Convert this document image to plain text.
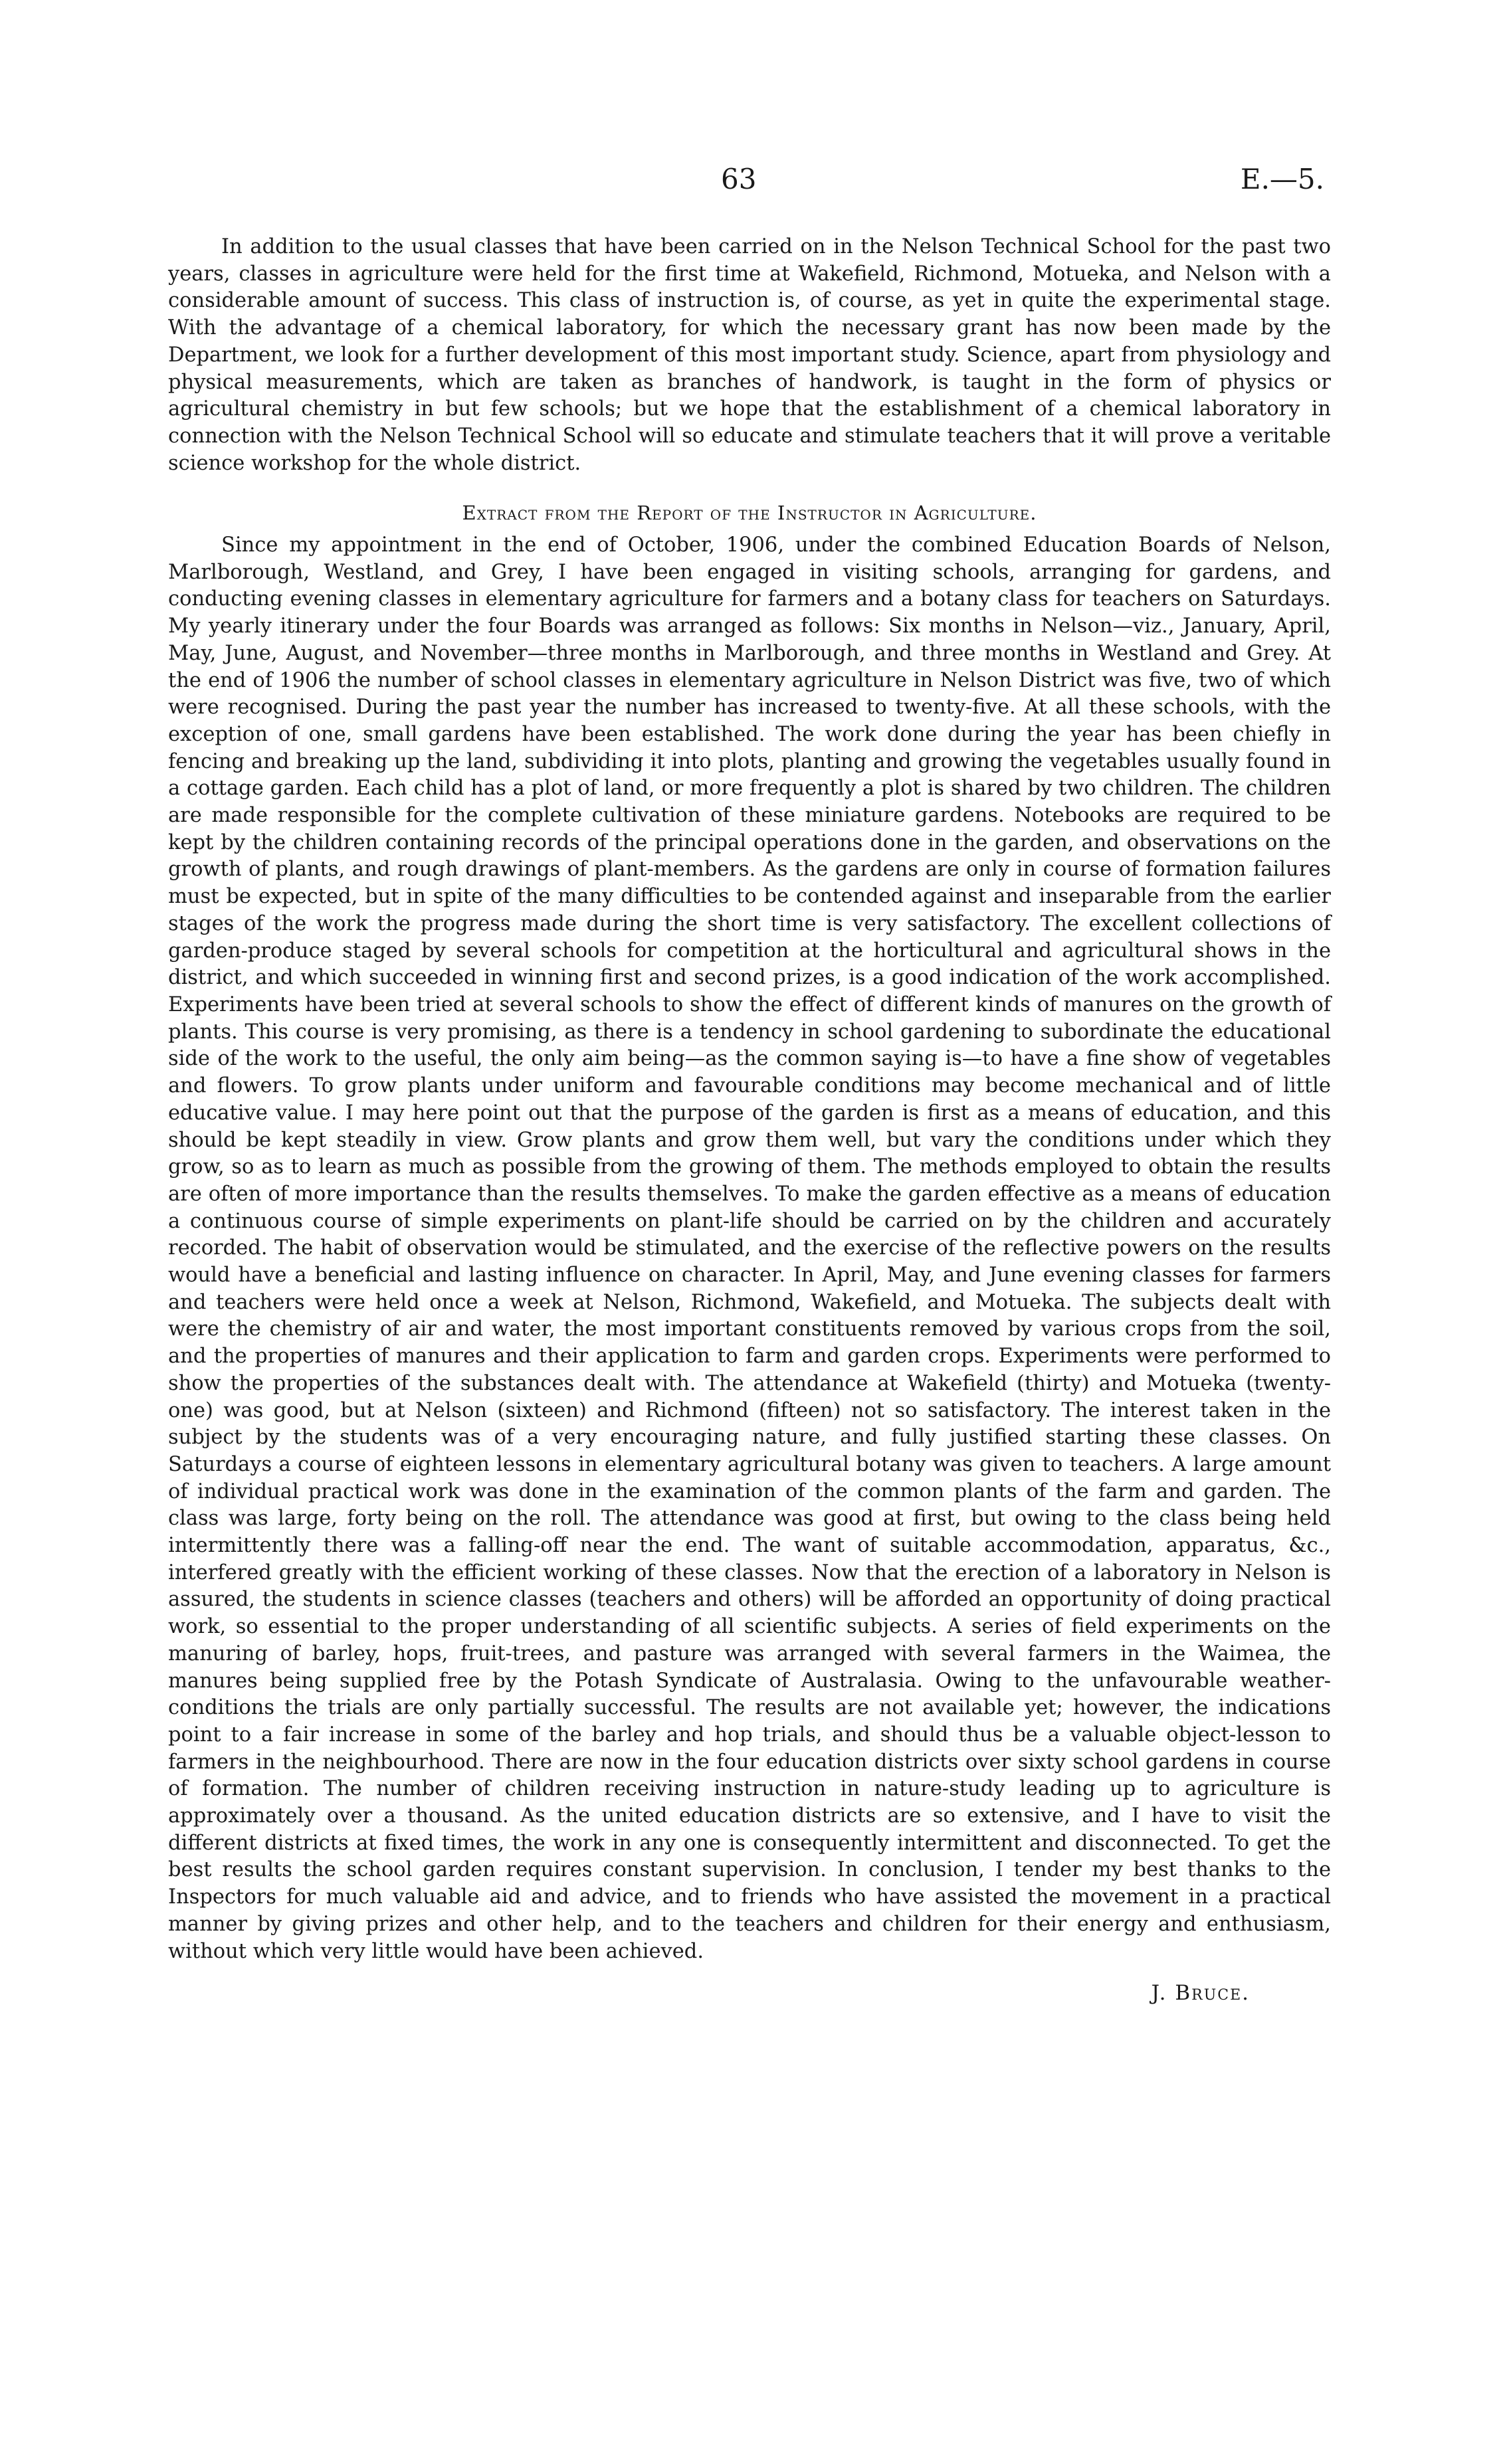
63	E.—5.

In addition to the usual classes that have been carried on in the Nelson Technical School for the past two years, classes in agriculture were held for the first time at Wakefield, Richmond, Motueka, and Nelson with a considerable amount of success. This class of instruction is, of course, as yet in quite the experimental stage. With the advantage of a chemical laboratory, for which the necessary grant has now been made by the Department, we look for a further development of this most important study. Science, apart from physiology and physical measurements, which are taken as branches of handwork, is taught in the form of physics or agricultural chemistry in but few schools; but we hope that the establishment of a chemical laboratory in connection with the Nelson Technical School will so educate and stimulate teachers that it will prove a veritable science workshop for the whole district.

Extract from the Report of the Instructor in Agriculture.

Since my appointment in the end of October, 1906, under the combined Education Boards of Nelson, Marlborough, Westland, and Grey, I have been engaged in visiting schools, arranging for gardens, and conducting evening classes in elementary agriculture for farmers and a botany class for teachers on Saturdays. My yearly itinerary under the four Boards was arranged as follows: Six months in Nelson—viz., January, April, May, June, August, and November—three months in Marlborough, and three months in Westland and Grey. At the end of 1906 the number of school classes in elementary agriculture in Nelson District was five, two of which were recognised. During the past year the number has increased to twenty-five. At all these schools, with the exception of one, small gardens have been established. The work done during the year has been chiefly in fencing and breaking up the land, subdividing it into plots, planting and growing the vegetables usually found in a cottage garden. Each child has a plot of land, or more frequently a plot is shared by two children. The children are made responsible for the complete cultivation of these miniature gardens. Notebooks are required to be kept by the children containing records of the principal operations done in the garden, and observations on the growth of plants, and rough drawings of plant-members. As the gardens are only in course of formation failures must be expected, but in spite of the many difficulties to be contended against and inseparable from the earlier stages of the work the progress made during the short time is very satisfactory. The excellent collections of garden-produce staged by several schools for competition at the horticultural and agricultural shows in the district, and which succeeded in winning first and second prizes, is a good indication of the work accomplished. Experiments have been tried at several schools to show the effect of different kinds of manures on the growth of plants. This course is very promising, as there is a tendency in school gardening to subordinate the educational side of the work to the useful, the only aim being—as the common saying is—to have a fine show of vegetables and flowers. To grow plants under uniform and favourable conditions may become mechanical and of little educative value. I may here point out that the purpose of the garden is first as a means of education, and this should be kept steadily in view. Grow plants and grow them well, but vary the conditions under which they grow, so as to learn as much as possible from the growing of them. The methods employed to obtain the results are often of more importance than the results themselves. To make the garden effective as a means of education a continuous course of simple experiments on plant-life should be carried on by the children and accurately recorded. The habit of observation would be stimulated, and the exercise of the reflective powers on the results would have a beneficial and lasting influence on character. In April, May, and June evening classes for farmers and teachers were held once a week at Nelson, Richmond, Wakefield, and Motueka. The subjects dealt with were the chemistry of air and water, the most important constituents removed by various crops from the soil, and the properties of manures and their application to farm and garden crops. Experiments were performed to show the properties of the substances dealt with. The attendance at Wakefield (thirty) and Motueka (twenty-one) was good, but at Nelson (sixteen) and Richmond (fifteen) not so satisfactory. The interest taken in the subject by the students was of a very encouraging nature, and fully justified starting these classes. On Saturdays a course of eighteen lessons in elementary agricultural botany was given to teachers. A large amount of individual practical work was done in the examination of the common plants of the farm and garden. The class was large, forty being on the roll. The attendance was good at first, but owing to the class being held intermittently there was a falling-off near the end. The want of suitable accommodation, apparatus, &c., interfered greatly with the efficient working of these classes. Now that the erection of a laboratory in Nelson is assured, the students in science classes (teachers and others) will be afforded an opportunity of doing practical work, so essential to the proper understanding of all scientific subjects. A series of field experiments on the manuring of barley, hops, fruit-trees, and pasture was arranged with several farmers in the Waimea, the manures being supplied free by the Potash Syndicate of Australasia. Owing to the unfavourable weather-conditions the trials are only partially successful. The results are not available yet; however, the indications point to a fair increase in some of the barley and hop trials, and should thus be a valuable object-lesson to farmers in the neighbourhood. There are now in the four education districts over sixty school gardens in course of formation. The number of children receiving instruction in nature-study leading up to agriculture is approximately over a thousand. As the united education districts are so extensive, and I have to visit the different districts at fixed times, the work in any one is consequently intermittent and disconnected. To get the best results the school garden requires constant supervision. In conclusion, I tender my best thanks to the Inspectors for much valuable aid and advice, and to friends who have assisted the movement in a practical manner by giving prizes and other help, and to the teachers and children for their energy and enthusiasm, without which very little would have been achieved.

J. Bruce.
